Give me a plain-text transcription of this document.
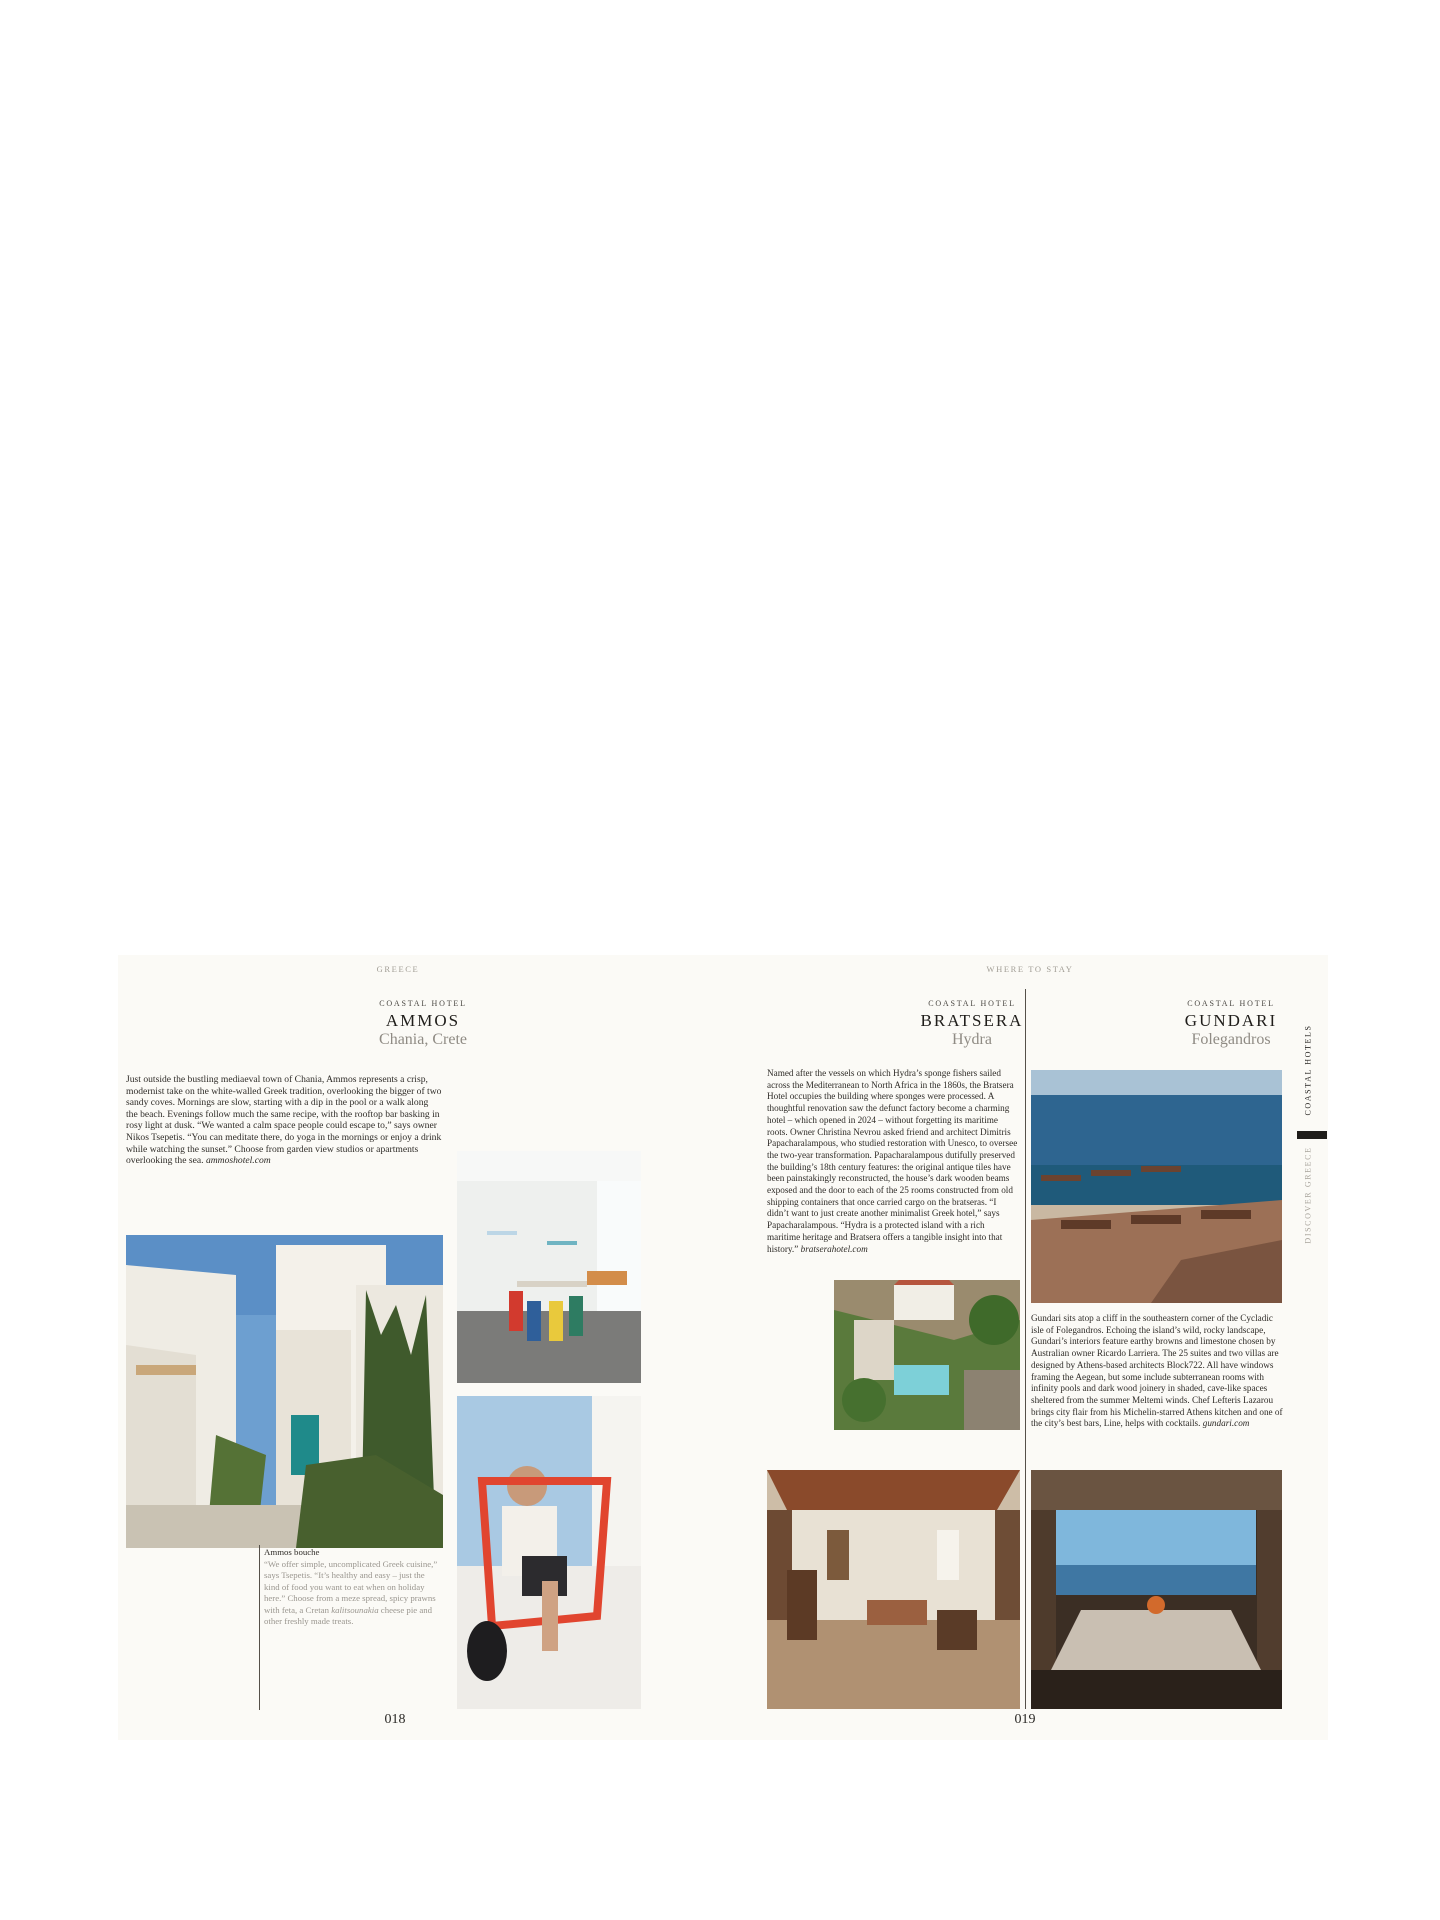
GREECE
COASTAL HOTEL
AMMOS
Chania, Crete
Just outside the bustling mediaeval town of Chania, Ammos represents a crisp, modernist take on the white-walled Greek tradition, overlooking the bigger of two sandy coves. Mornings are slow, starting with a dip in the pool or a walk along the beach. Evenings follow much the same recipe, with the rooftop bar basking in rosy light at dusk. “We wanted a calm space people could escape to,” says owner Nikos Tsepetis. “You can meditate there, do yoga in the mornings or enjoy a drink while watching the sunset.” Choose from garden view studios or apartments overlooking the sea. ammoshotel.com
Ammos bouche
“We offer simple, uncomplicated Greek cuisine,” says Tsepetis. “It’s healthy and easy – just the kind of food you want to eat when on holiday here.” Choose from a meze spread, spicy prawns with feta, a Cretan kalitsounakia cheese pie and other freshly made treats.
018
WHERE TO STAY
COASTAL HOTEL
BRATSERA
Hydra
Named after the vessels on which Hydra’s sponge fishers sailed across the Mediterranean to North Africa in the 1860s, the Bratsera Hotel occupies the building where sponges were processed. A thoughtful renovation saw the defunct factory become a charming hotel – which opened in 2024 – without forgetting its maritime roots. Owner Christina Nevrou asked friend and architect Dimitris Papacharalampous, who studied restoration with Unesco, to oversee the two-year transformation. Papacharalampous dutifully preserved the building’s 18th century features: the original antique tiles have been painstakingly reconstructed, the house’s dark wooden beams exposed and the door to each of the 25 rooms constructed from old shipping containers that once carried cargo on the bratseras. “I didn’t want to just create another minimalist Greek hotel,” says Papacharalampous. “Hydra is a protected island with a rich maritime heritage and Bratsera offers a tangible insight into that history.” bratserahotel.com
COASTAL HOTEL
GUNDARI
Folegandros
Gundari sits atop a cliff in the southeastern corner of the Cycladic isle of Folegandros. Echoing the island’s wild, rocky landscape, Gundari’s interiors feature earthy browns and limestone chosen by Australian owner Ricardo Larriera. The 25 suites and two villas are designed by Athens-based architects Block722. All have windows framing the Aegean, but some include subterranean rooms with infinity pools and dark wood joinery in shaded, cave-like spaces sheltered from the summer Meltemi winds. Chef Lefteris Lazarou brings city flair from his Michelin-starred Athens kitchen and one of the city’s best bars, Line, helps with cocktails. gundari.com
COASTAL HOTELS
DISCOVER GREECE
019
